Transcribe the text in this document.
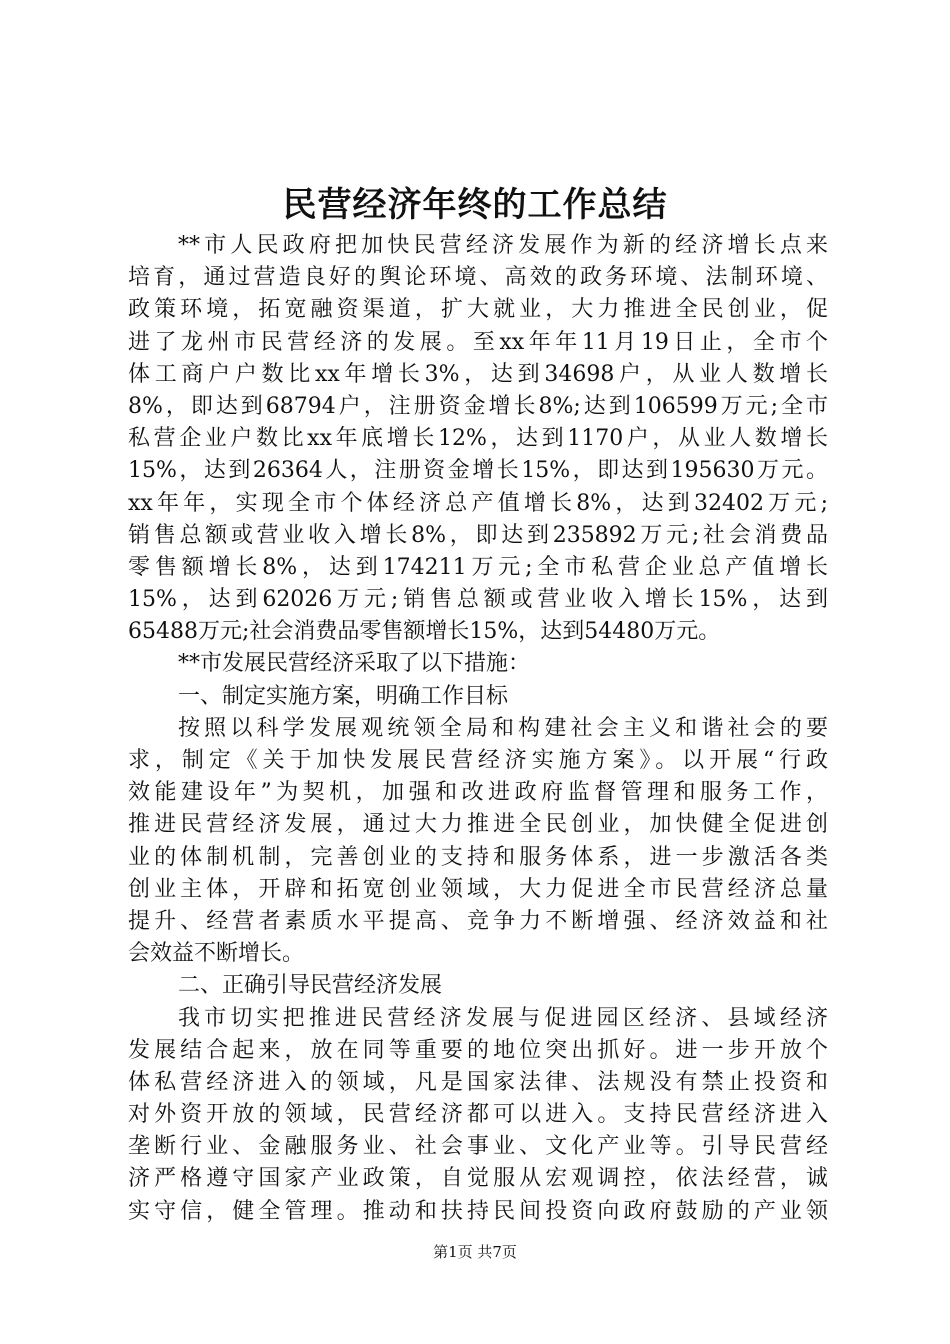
民营经济年终的工作总结
**市人民政府把加快民营经济发展作为新的经济增长点来
培育，通过营造良好的舆论环境、高效的政务环境、法制环境、
政策环境，拓宽融资渠道，扩大就业，大力推进全民创业，促
进了龙州市民营经济的发展。至xx年年11月19日止，全市个
体工商户户数比xx年增长3%，达到34698户，从业人数增长
8%，即达到68794户，注册资金增长8%;达到106599万元;全市
私营企业户数比xx年底增长12%，达到1170户，从业人数增长
15%，达到26364人，注册资金增长15%，即达到195630万元。
xx年年，实现全市个体经济总产值增长8%，达到32402万元;
销售总额或营业收入增长8%，即达到235892万元;社会消费品
零售额增长8%，达到174211万元;全市私营企业总产值增长
15%，达到62026万元;销售总额或营业收入增长15%，达到
65488万元;社会消费品零售额增长15%，达到54480万元。
**市发展民营经济采取了以下措施：
一、制定实施方案，明确工作目标
按照以科学发展观统领全局和构建社会主义和谐社会的要
求，制定《关于加快发展民营经济实施方案》。以开展“行政
效能建设年”为契机，加强和改进政府监督管理和服务工作，
推进民营经济发展，通过大力推进全民创业，加快健全促进创
业的体制机制，完善创业的支持和服务体系，进一步激活各类
创业主体，开辟和拓宽创业领域，大力促进全市民营经济总量
提升、经营者素质水平提高、竞争力不断增强、经济效益和社
会效益不断增长。
二、正确引导民营经济发展
我市切实把推进民营经济发展与促进园区经济、县域经济
发展结合起来，放在同等重要的地位突出抓好。进一步开放个
体私营经济进入的领域，凡是国家法律、法规没有禁止投资和
对外资开放的领域，民营经济都可以进入。支持民营经济进入
垄断行业、金融服务业、社会事业、文化产业等。引导民营经
济严格遵守国家产业政策，自觉服从宏观调控，依法经营，诚
实守信，健全管理。推动和扶持民间投资向政府鼓励的产业领
第1页 共7页
